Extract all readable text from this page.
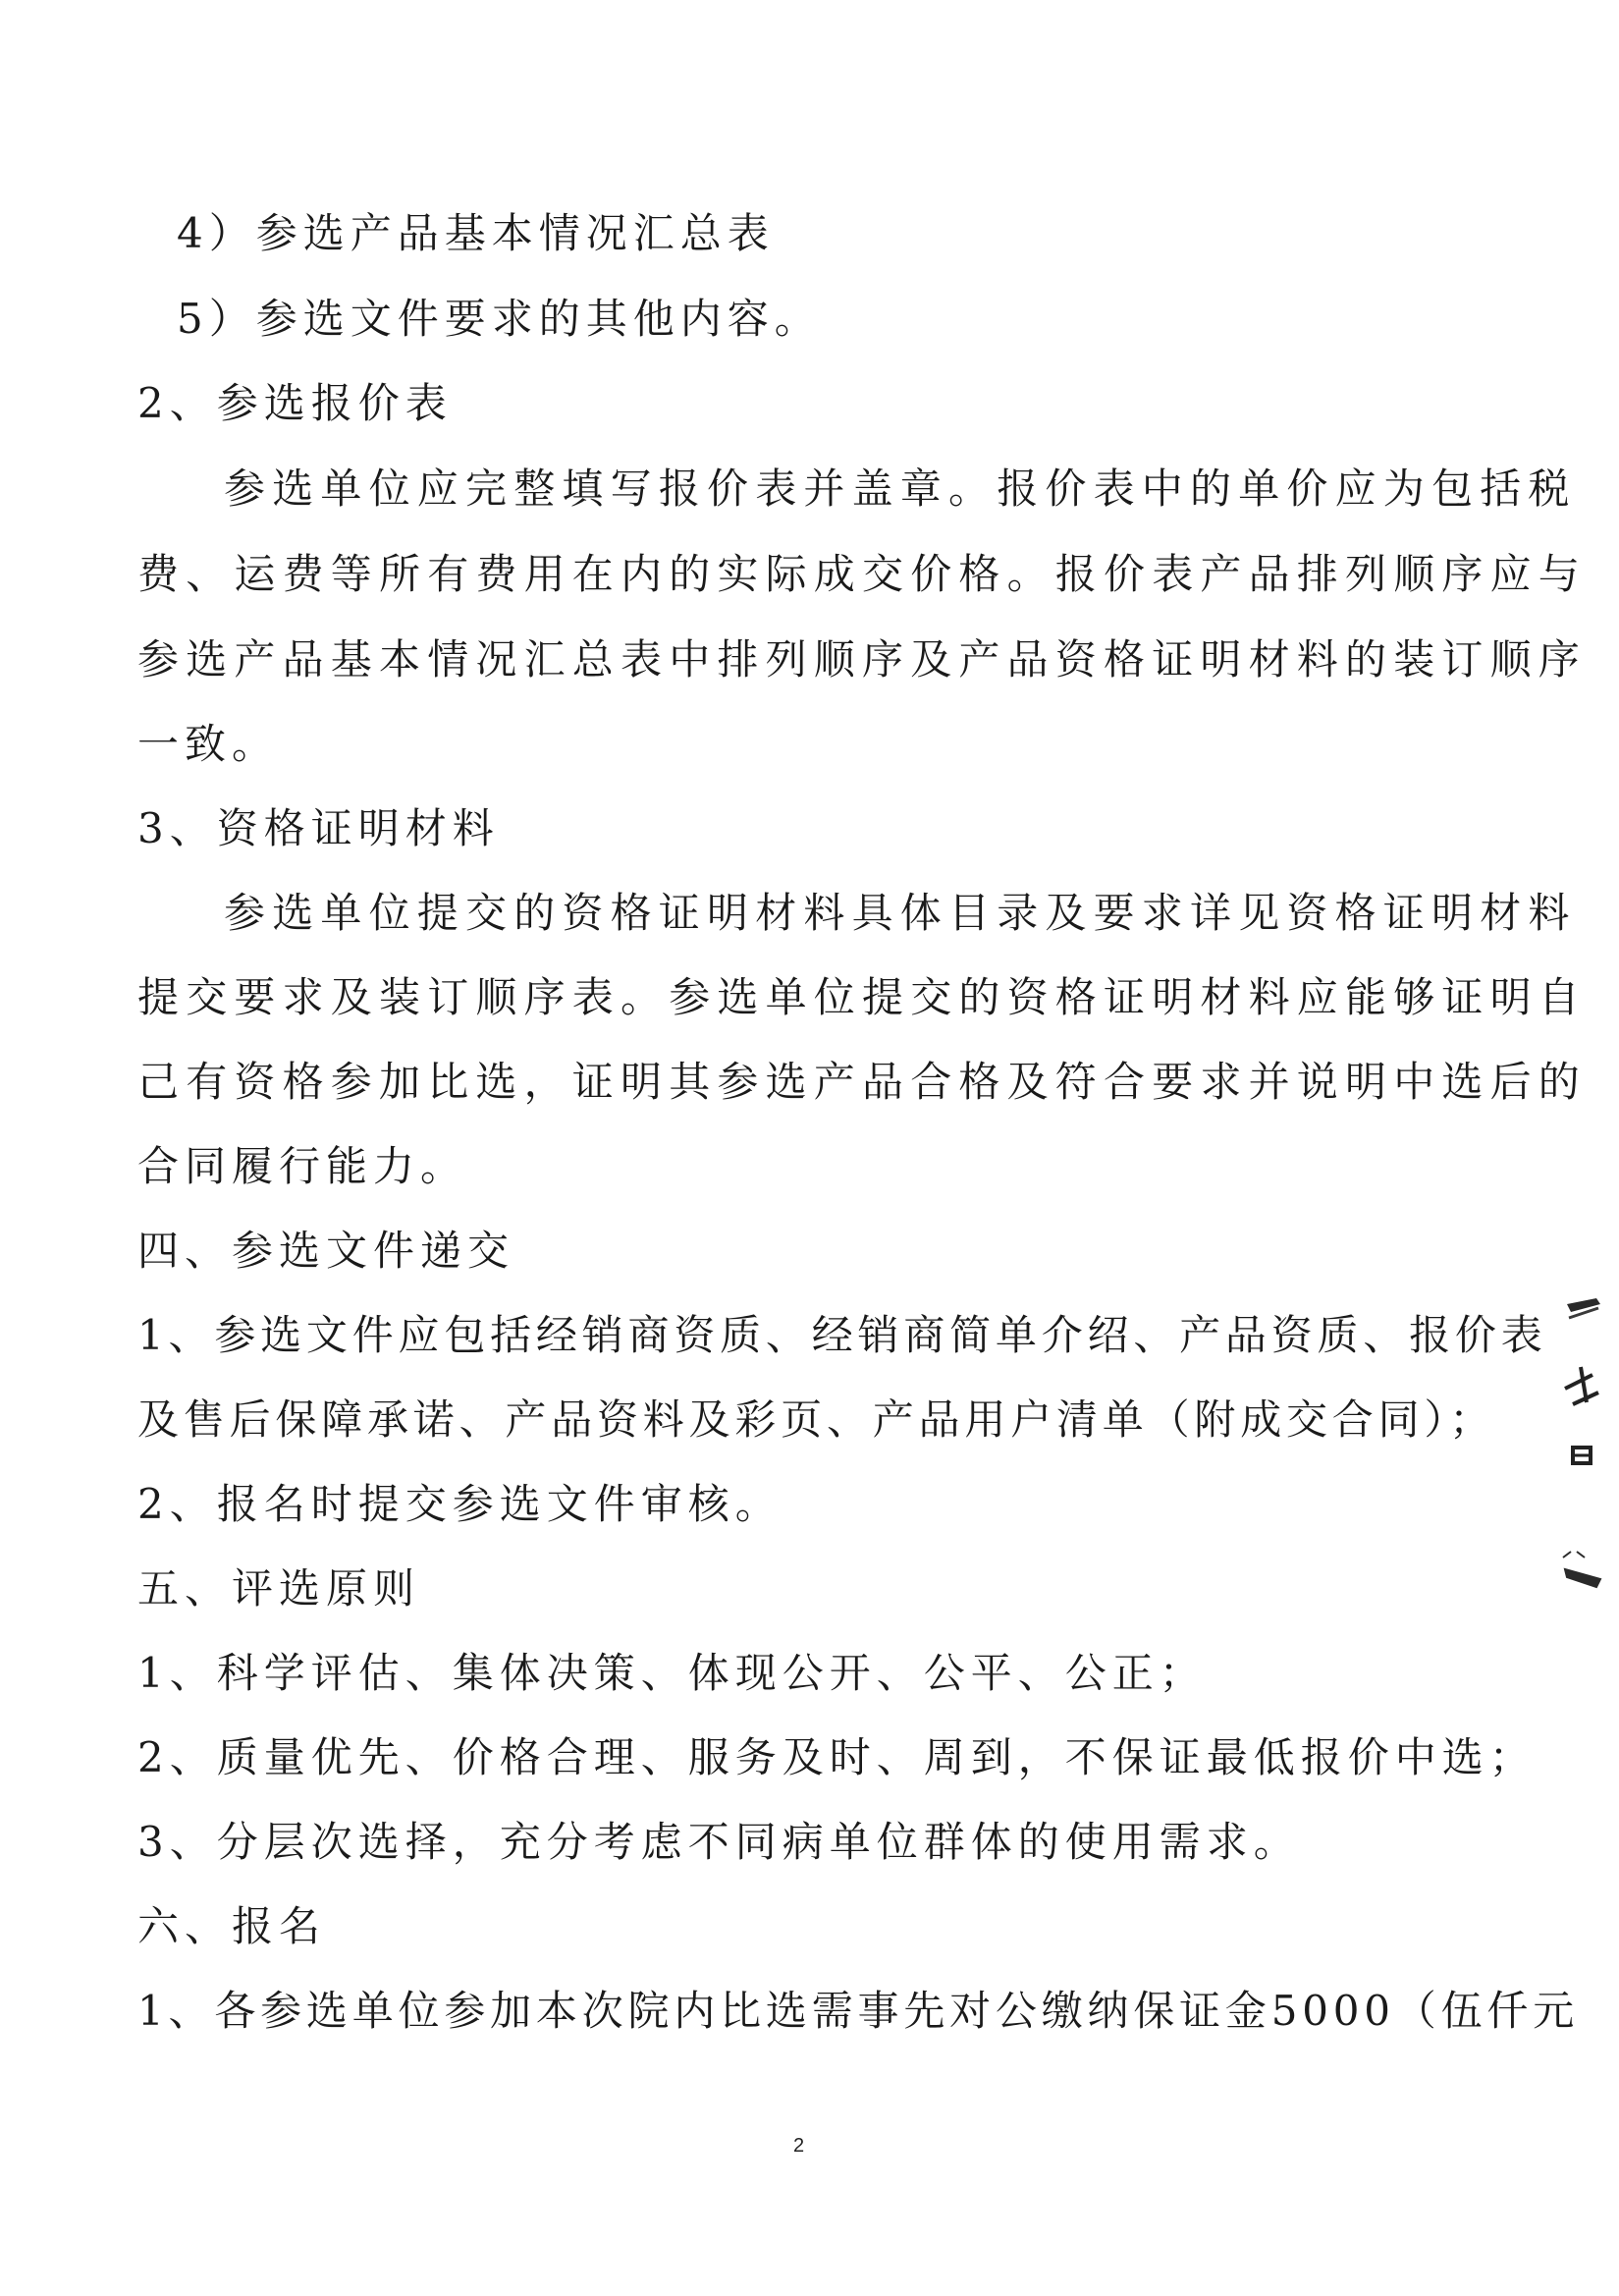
4）参选产品基本情况汇总表
5）参选文件要求的其他内容。
2、参选报价表
参选单位应完整填写报价表并盖章。报价表中的单价应为包括税
费、运费等所有费用在内的实际成交价格。报价表产品排列顺序应与
参选产品基本情况汇总表中排列顺序及产品资格证明材料的装订顺序
一致。
3、资格证明材料
参选单位提交的资格证明材料具体目录及要求详见资格证明材料
提交要求及装订顺序表。参选单位提交的资格证明材料应能够证明自
己有资格参加比选，证明其参选产品合格及符合要求并说明中选后的
合同履行能力。
四、参选文件递交
1、参选文件应包括经销商资质、经销商简单介绍、产品资质、报价表
及售后保障承诺、产品资料及彩页、产品用户清单（附成交合同）；
2、报名时提交参选文件审核。
五、评选原则
1、科学评估、集体决策、体现公开、公平、公正；
2、质量优先、价格合理、服务及时、周到，不保证最低报价中选；
3、分层次选择，充分考虑不同病单位群体的使用需求。
六、报名
1、各参选单位参加本次院内比选需事先对公缴纳保证金5000（伍仟元
2
